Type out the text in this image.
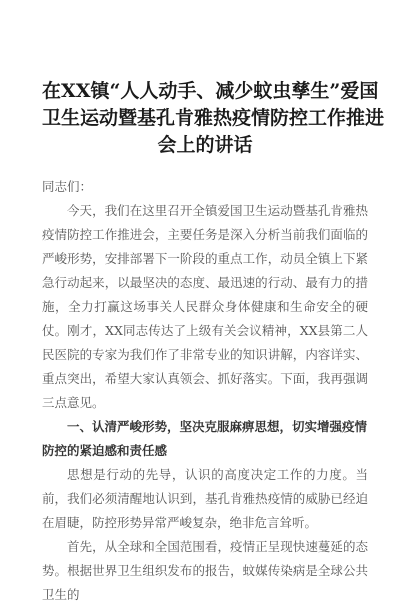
在XX镇“人人动手、减少蚊虫孳生”爱国
卫生运动暨基孔肯雅热疫情防控工作推进
会上的讲话
同志们：

今天，我们在这里召开全镇爱国卫生运动暨基孔肯雅热疫情防控工作推进会，主要任务是深入分析当前我们面临的严峻形势，安排部署下一阶段的重点工作，动员全镇上下紧急行动起来，以最坚决的态度、最迅速的行动、最有力的措施，全力打赢这场事关人民群众身体健康和生命安全的硬仗。刚才，XX同志传达了上级有关会议精神，XX县第二人民医院的专家为我们作了非常专业的知识讲解，内容详实、重点突出，希望大家认真领会、抓好落实。下面，我再强调三点意见。

一、认清严峻形势，坚决克服麻痹思想，切实增强疫情防控的紧迫感和责任感

思想是行动的先导，认识的高度决定工作的力度。当前，我们必须清醒地认识到，基孔肯雅热疫情的威胁已经迫在眉睫，防控形势异常严峻复杂，绝非危言耸听。

首先，从全球和全国范围看，疫情正呈现快速蔓延的态势。根据世界卫生组织发布的报告，蚊媒传染病是全球公共卫生的
